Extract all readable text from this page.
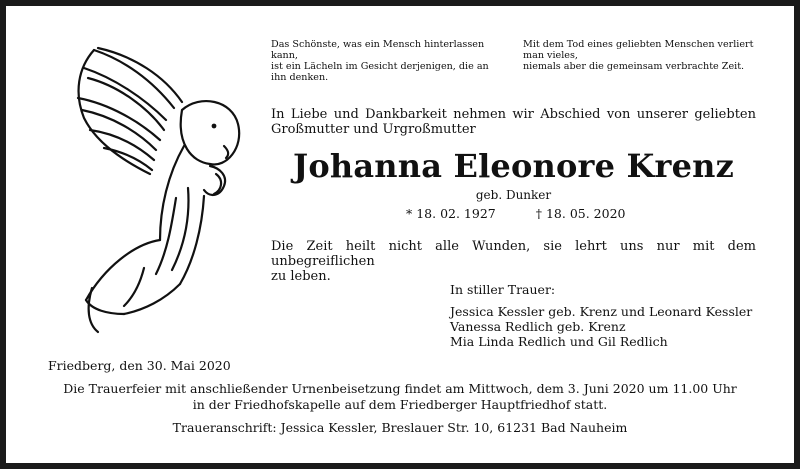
Das Schönste, was ein Mensch hinterlassen
kann,
ist ein Lächeln im Gesicht derjenigen, die an
ihn denken.
Mit dem Tod eines geliebten Menschen verliert
man vieles,
niemals aber die gemeinsam verbrachte Zeit.
In Liebe und Dankbarkeit nehmen wir Abschied von unserer geliebten
Großmutter und Urgroßmutter
Johanna Eleonore Krenz
geb. Dunker
* 18. 02. 1927	† 18. 05. 2020
Die Zeit heilt nicht alle Wunden, sie lehrt uns nur mit dem unbegreiflichen
zu leben.
In stiller Trauer:
Jessica Kessler geb. Krenz und Leonard Kessler
Vanessa Redlich geb. Krenz
Mia Linda Redlich und Gil Redlich
Friedberg, den 30. Mai 2020
Die Trauerfeier mit anschließender Urnenbeisetzung findet am Mittwoch, dem 3. Juni 2020 um 11.00 Uhr
in der Friedhofskapelle auf dem Friedberger Hauptfriedhof statt.
Traueranschrift: Jessica Kessler, Breslauer Str. 10, 61231 Bad Nauheim
